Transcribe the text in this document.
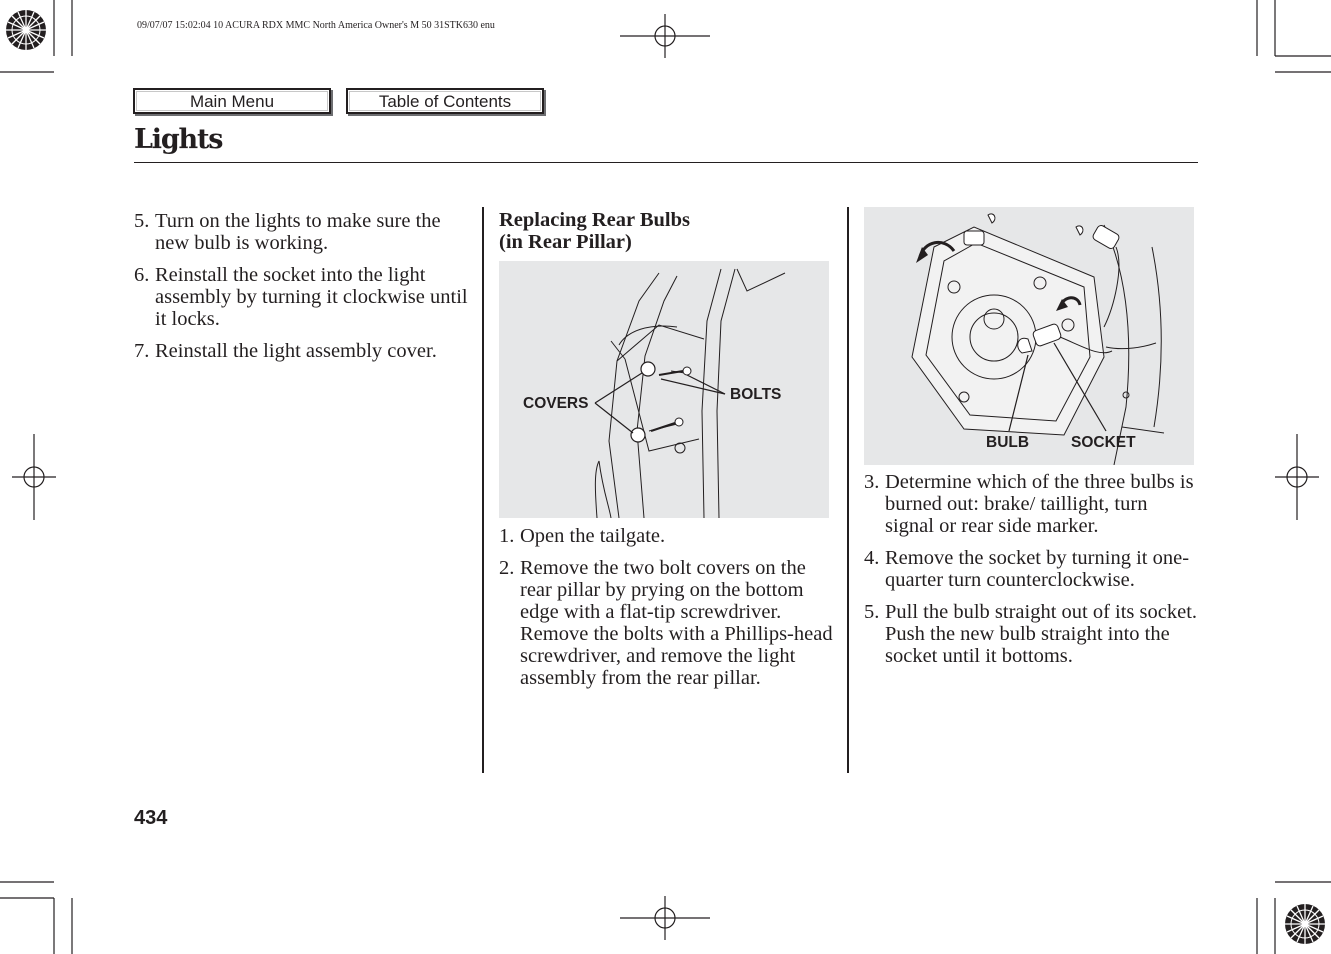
09/07/07 15:02:04 10 ACURA RDX MMC North America Owner's M 50 31STK630 enu
Main Menu	Table of Contents
Lights
5. Turn on the lights to make sure the new bulb is working.
6. Reinstall the socket into the light assembly by turning it clockwise until it locks.
7. Reinstall the light assembly cover.
Replacing Rear Bulbs
(in Rear Pillar)
COVERS
BOLTS
1. Open the tailgate.
2. Remove the two bolt covers on the rear pillar by prying on the bottom edge with a flat-tip screwdriver. Remove the bolts with a Phillips-head screwdriver, and remove the light assembly from the rear pillar.
BULB	SOCKET
3. Determine which of the three bulbs is burned out: brake/ taillight, turn signal or rear side marker.
4. Remove the socket by turning it one-quarter turn counterclockwise.
5. Pull the bulb straight out of its socket. Push the new bulb straight into the socket until it bottoms.
434
